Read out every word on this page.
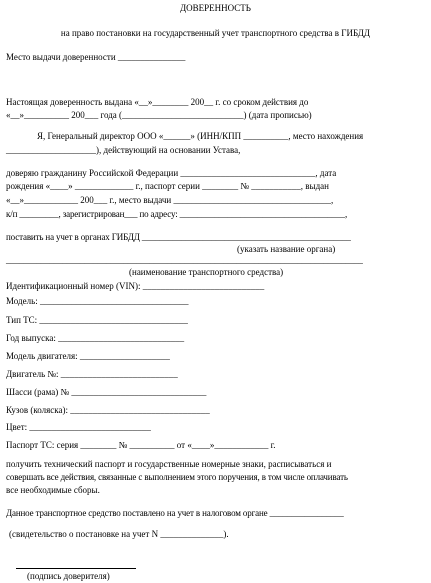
ДОВЕРЕННОСТЬ
на право постановки на государственный учет транспортного средства в ГИБДД
Место выдачи доверенности _______________
Настоящая доверенность выдана «__»________ 200__ г. со сроком действия до
«__»__________ 200___ года (___________________________) (дата прописью)
Я, Генеральный директор ООО «______» (ИНН/КПП __________, место нахождения
____________________), действующий на основании Устава,
доверяю гражданину Российской Федерации ______________________________, дата
рождения «____» _____________ г., паспорт серии ________ № ___________, выдан
«__»____________ 200___ г., место выдачи ___________________________________,
к/п _________, зарегистрирован___ по адресу: ______________________________________,
поставить на учет в органах ГИБДД ________________________________________________
(указать название органа)
__________________________________________________________________________________
(наименование транспортного средства)
Идентификационный номер (VIN): ___________________________
Модель: _________________________________
Тип ТС: _________________________________
Год выпуска: ____________________________
Модель двигателя: ____________________
Двигатель №: __________________________
Шасси (рама) № ______________________________
Кузов (коляска): _______________________________
Цвет: ___________________________
Паспорт ТС: серия ________ № __________ от «____»____________ г.
получить технический паспорт и государственные номерные знаки, расписываться и
совершать все действия, связанные с выполнением этого поручения, в том числе оплачивать
все необходимые сборы.
Данное транспортное средство поставлено на учет в налоговом органе _________________
(свидетельство о постановке на учет N ______________).
(подпись доверителя)
